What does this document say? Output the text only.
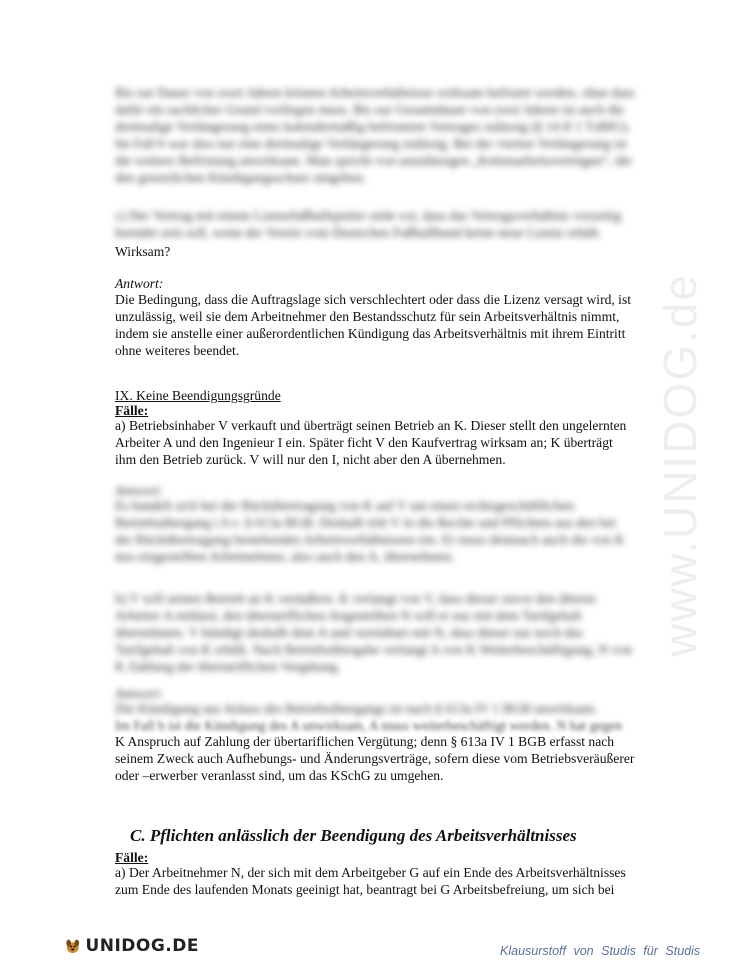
www.UNIDOG.de
Bis zur Dauer von zwei Jahren können Arbeitsverhältnisse wirksam befristet werden, ohne dass dafür ein sachlicher Grund vorliegen muss. Bis zur Gesamtdauer von zwei Jahren ist auch die dreimalige Verlängerung eines kalendermäßig befristeten Vertrages zulässig (§ 14 II 1 TzBfG). Im Fall b war also nur eine dreimalige Verlängerung zulässig. Bei der vierten Verlängerung ist die weitere Befristung unwirksam. Man spricht von unzulässigen „Kettenarbeitsverträgen“, die den gesetzlichen Kündigungsschutz umgehen.
c) Der Vertrag mit einem Lizenzfußballspieler sieht vor, dass das Vertragsverhältnis vorzeitig beendet sein soll, wenn der Verein vom Deutschen Fußballbund keine neue Lizenz erhält.
Wirksam?
Antwort:
Die Bedingung, dass die Auftragslage sich verschlechtert oder dass die Lizenz versagt wird, ist unzulässig, weil sie dem Arbeitnehmer den Bestandsschutz für sein Arbeitsverhältnis nimmt, indem sie anstelle einer außerordentlichen Kündigung das Arbeitsverhältnis mit ihrem Eintritt ohne weiteres beendet.
IX. Keine Beendigungsgründe
Fälle:
a) Betriebsinhaber V verkauft und überträgt seinen Betrieb an K. Dieser stellt den ungelernten Arbeiter A und den Ingenieur I ein. Später ficht V den Kaufvertrag wirksam an; K überträgt ihm den Betrieb zurück. V will nur den I, nicht aber den A übernehmen.
Antwort:
Es handelt sich bei der Rückübertragung von K auf V um einen rechtsgeschäftlichen Betriebsübergang i.S.v. § 613a BGB. Deshalb tritt V in die Rechte und Pflichten aus den bei der Rückübertragung bestehenden Arbeitsverhältnissen ein. Er muss demnach auch die von K neu eingestellten Arbeitnehmer, also auch den A, übernehmen.
b) V will seinen Betrieb an K veräußern. K verlangt von V, dass dieser zuvor den älteren Arbeiter A entlässt, den übertariflichen Angestellten N will er nur mit dem Tarifgehalt übernehmen. V kündigt deshalb dem A und vereinbart mit N, dass dieser nur noch das Tarifgehalt von K erhält. Nach Betriebsübergabe verlangt A von K Weiterbeschäftigung, N von K Zahlung der übertariflichen Vergütung.
Antwort:
Die Kündigung aus Anlass des Betriebsübergangs ist nach § 613a IV 1 BGB unwirksam.
Im Fall b ist die Kündigung des A unwirksam, A muss weiterbeschäftigt werden. N hat gegen
K Anspruch auf Zahlung der übertariflichen Vergütung; denn § 613a IV 1 BGB erfasst nach seinem Zweck auch Aufhebungs- und Änderungsverträge, sofern diese vom Betriebsveräußerer oder –erwerber veranlasst sind, um das KSchG zu umgehen.
C. Pflichten anlässlich der Beendigung des Arbeitsverhältnisses
Fälle:
a) Der Arbeitnehmer N, der sich mit dem Arbeitgeber G auf ein Ende des Arbeitsverhältnisses zum Ende des laufenden Monats geeinigt hat, beantragt bei G Arbeitsbefreiung, um sich bei
UNIDOG.DE	Klausurstoff von Studis für Studis
